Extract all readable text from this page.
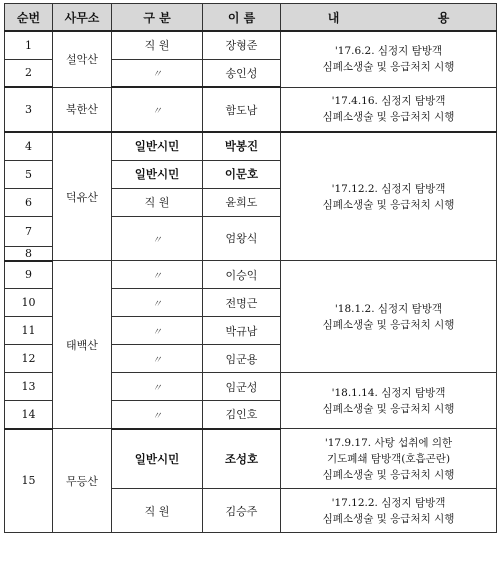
순번	사무소	구 분	이 름	내 용
1	설악산	직 원	장형준	'17.6.2. 심정지 탐방객
심폐소생술 및 응급처치 시행

2		〃	송인성	
3	북한산	〃	함도남	'17.4.16. 심정지 탐방객
심폐소생술 및 응급처치 시행

4	덕유산	일반시민	박봉진	'17.12.2. 심정지 탐방객
심폐소생술 및 응급처치 시행

5		일반시민	이문호	
6		직 원	윤희도	
7		〃	엄왕식	
8				
9	태백산	〃	이승익	'18.1.2. 심정지 탐방객
심폐소생술 및 응급처치 시행

10		〃	전명근	
11		〃	박규남	
12		〃	임군용	
13		〃	임군성	'18.1.14. 심정지 탐방객
심폐소생술 및 응급처치 시행

14		〃	김인호	
15	무등산	일반시민	조성호	'17.9.17. 사탕 섭취에 의한
기도폐쇄 탐방객(호흡곤란)
심폐소생술 및 응급처치 시행

		직 원	김승주	'17.12.2. 심정지 탐방객
심폐소생술 및 응급처치 시행
